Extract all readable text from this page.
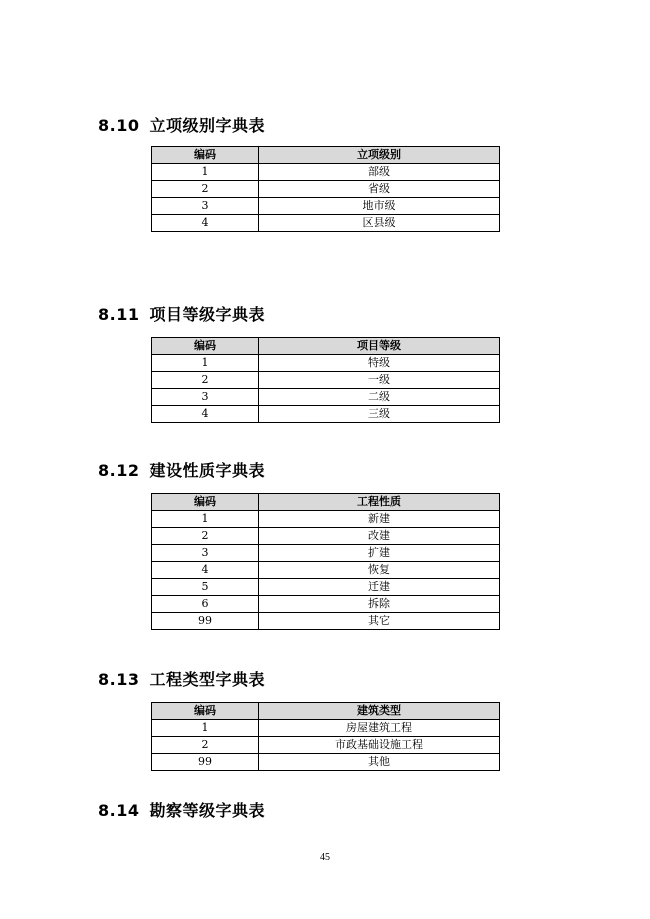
8.10 立项级别字典表
编码	立项级别
1	部级
2	省级
3	地市级
4	区县级
8.11 项目等级字典表
编码	项目等级
1	特级
2	一级
3	二级
4	三级
8.12 建设性质字典表
编码	工程性质
1	新建
2	改建
3	扩建
4	恢复
5	迁建
6	拆除
99	其它
8.13 工程类型字典表
编码	建筑类型
1	房屋建筑工程
2	市政基础设施工程
99	其他
8.14 勘察等级字典表
45
